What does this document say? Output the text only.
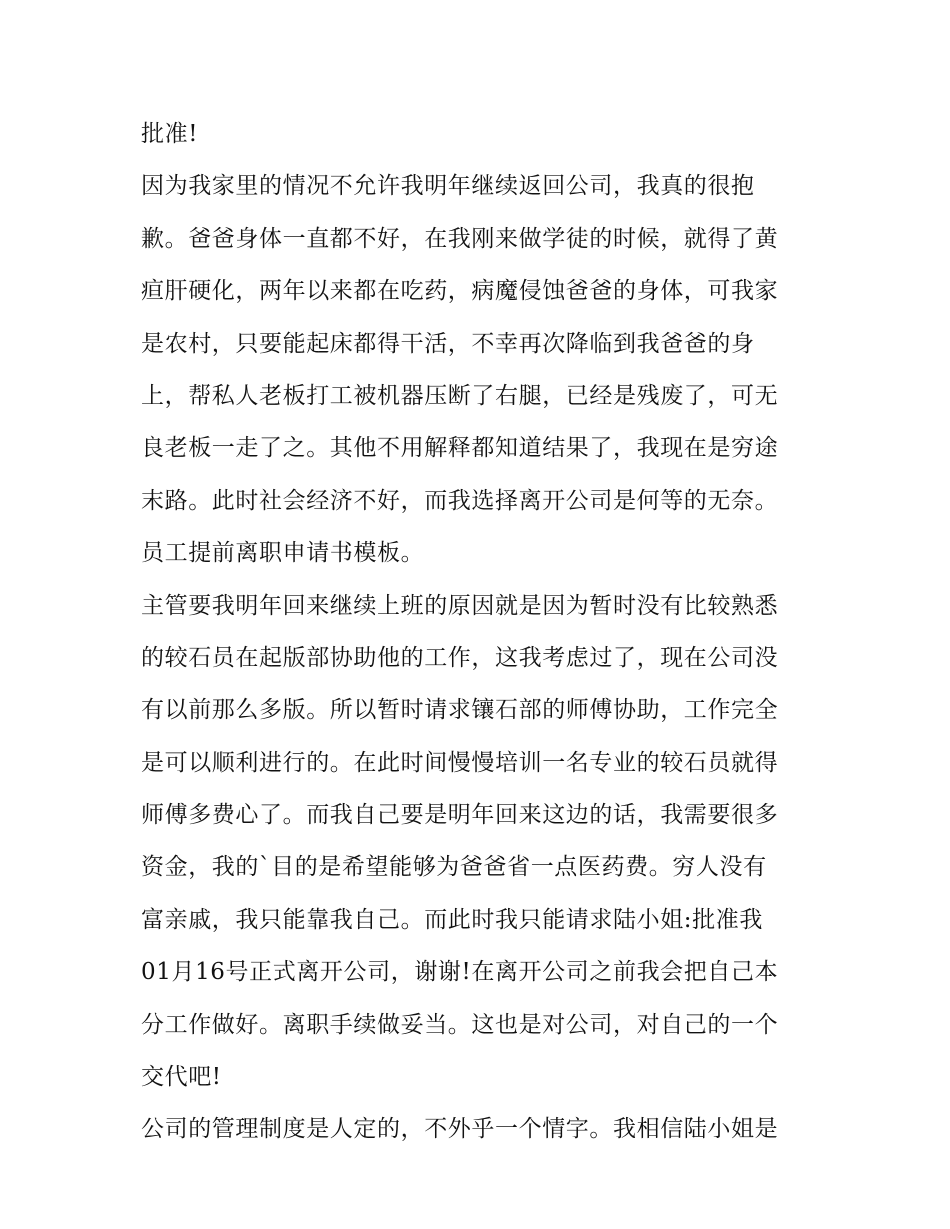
批准!
因为我家里的情况不允许我明年继续返回公司，我真的很抱
歉。爸爸身体一直都不好，在我刚来做学徒的时候，就得了黄
疸肝硬化，两年以来都在吃药，病魔侵蚀爸爸的身体，可我家
是农村，只要能起床都得干活，不幸再次降临到我爸爸的身
上，帮私人老板打工被机器压断了右腿，已经是残废了，可无
良老板一走了之。其他不用解释都知道结果了，我现在是穷途
末路。此时社会经济不好，而我选择离开公司是何等的无奈。
员工提前离职申请书模板。
主管要我明年回来继续上班的原因就是因为暂时没有比较熟悉
的较石员在起版部协助他的工作，这我考虑过了，现在公司没
有以前那么多版。所以暂时请求镶石部的师傅协助，工作完全
是可以顺利进行的。在此时间慢慢培训一名专业的较石员就得
师傅多费心了。而我自己要是明年回来这边的话，我需要很多
资金，我的`目的是希望能够为爸爸省一点医药费。穷人没有
富亲戚，我只能靠我自己。而此时我只能请求陆小姐:批准我
01月16号正式离开公司，谢谢!在离开公司之前我会把自己本
分工作做好。离职手续做妥当。这也是对公司，对自己的一个
交代吧!
公司的管理制度是人定的，不外乎一个情字。我相信陆小姐是
